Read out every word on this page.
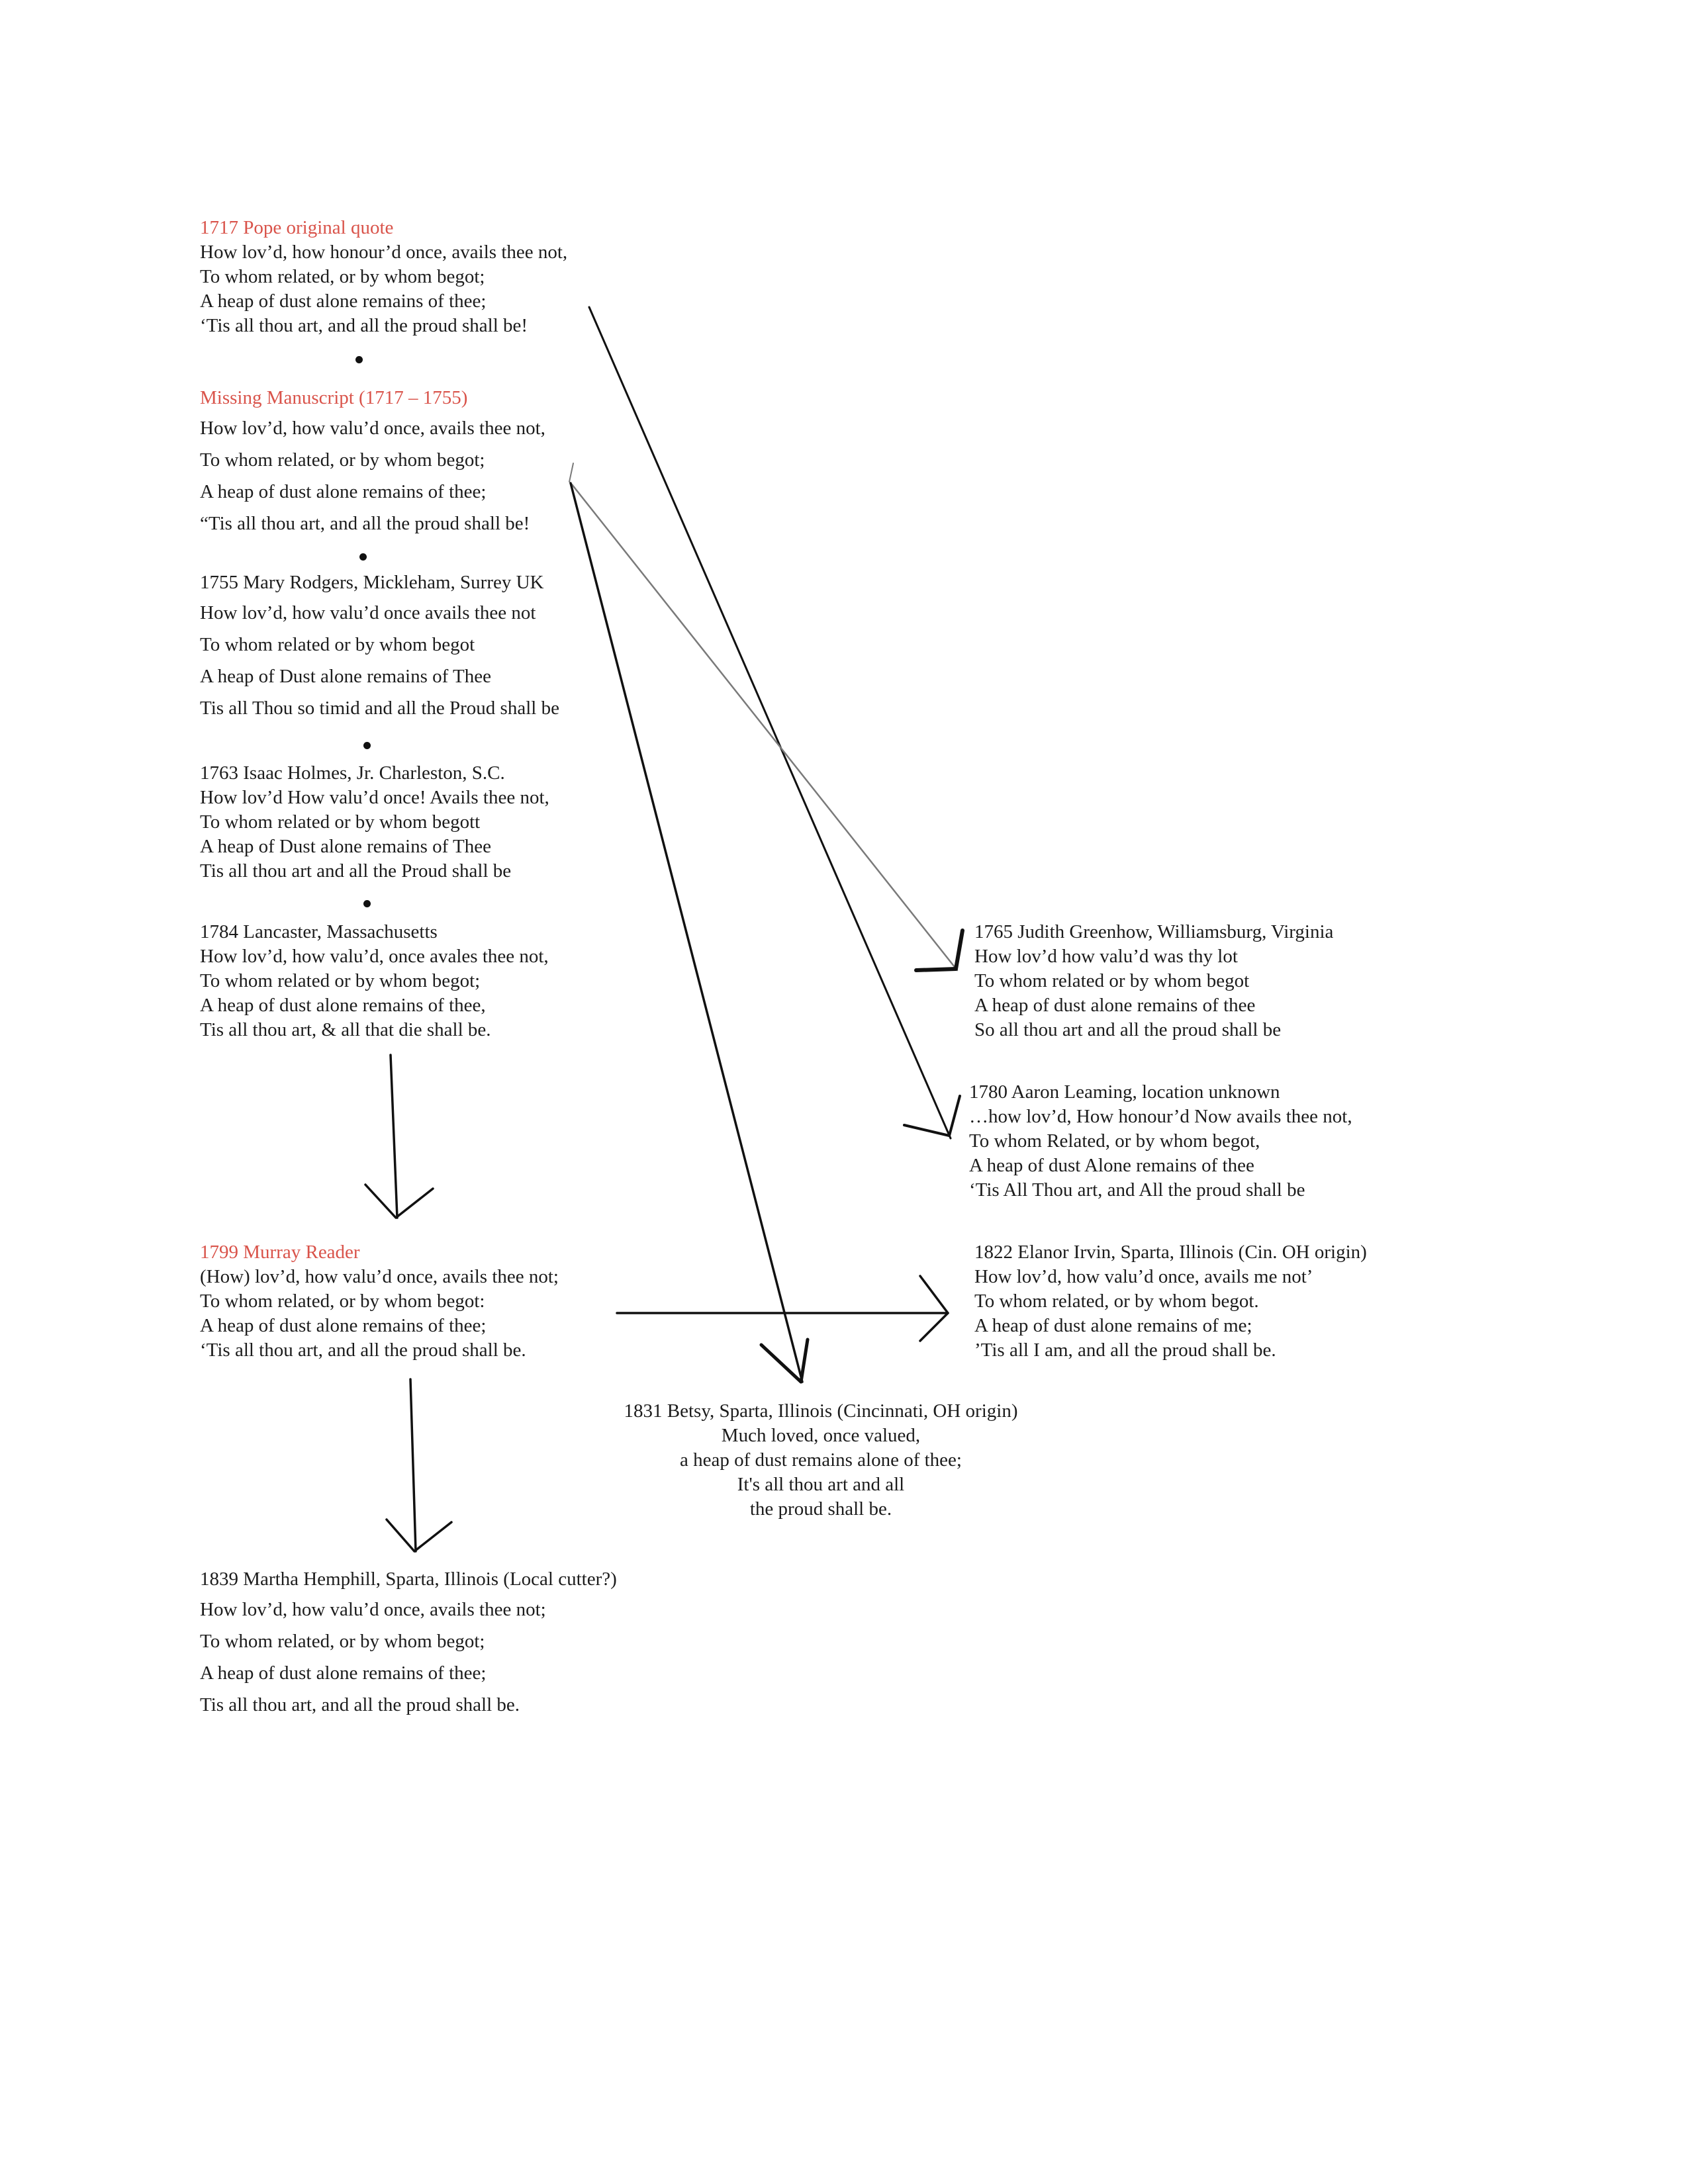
1717 Pope original quote
How lov’d, how honour’d once, avails thee not,
To whom related, or by whom begot;
A heap of dust alone remains of thee;
‘Tis all thou art, and all the proud shall be!
Missing Manuscript (1717 – 1755)
How lov’d, how valu’d once, avails thee not,
To whom related, or by whom begot;
A heap of dust alone remains of thee;
“Tis all thou art, and all the proud shall be!
1755 Mary Rodgers, Mickleham, Surrey UK
How lov’d, how valu’d once avails thee not
To whom related or by whom begot
A heap of Dust alone remains of Thee
Tis all Thou so timid and all the Proud shall be
1763 Isaac Holmes, Jr. Charleston, S.C.
How lov’d How valu’d once! Avails thee not,
To whom related or by whom begott
A heap of Dust alone remains of Thee
Tis all thou art and all the Proud shall be
1784 Lancaster, Massachusetts
How lov’d, how valu’d, once avales thee not,
To whom related or by whom begot;
A heap of dust alone remains of thee,
Tis all thou art, & all that die shall be.
1799 Murray Reader
(How) lov’d, how valu’d once, avails thee not;
To whom related, or by whom begot:
A heap of dust alone remains of thee;
‘Tis all thou art, and all the proud shall be.
1839 Martha Hemphill, Sparta, Illinois (Local cutter?)
How lov’d, how valu’d once, avails thee not;
To whom related, or by whom begot;
A heap of dust alone remains of thee;
Tis all thou art, and all the proud shall be.
1765 Judith Greenhow, Williamsburg, Virginia
How lov’d how valu’d was thy lot
To whom related or by whom begot
A heap of dust alone remains of thee
So all thou art and all the proud shall be
1780 Aaron Leaming, location unknown
…how lov’d, How honour’d Now avails thee not,
To whom Related, or by whom begot,
A heap of dust Alone remains of thee
‘Tis All Thou art, and All the proud shall be
1822 Elanor Irvin, Sparta, Illinois (Cin. OH origin)
How lov’d, how valu’d once, avails me not’
To whom related, or by whom begot.
A heap of dust alone remains of me;
’Tis all I am, and all the proud shall be.
1831 Betsy, Sparta, Illinois (Cincinnati, OH origin)
Much loved, once valued,
a heap of dust remains alone of thee;
It's all thou art and all
the proud shall be.
